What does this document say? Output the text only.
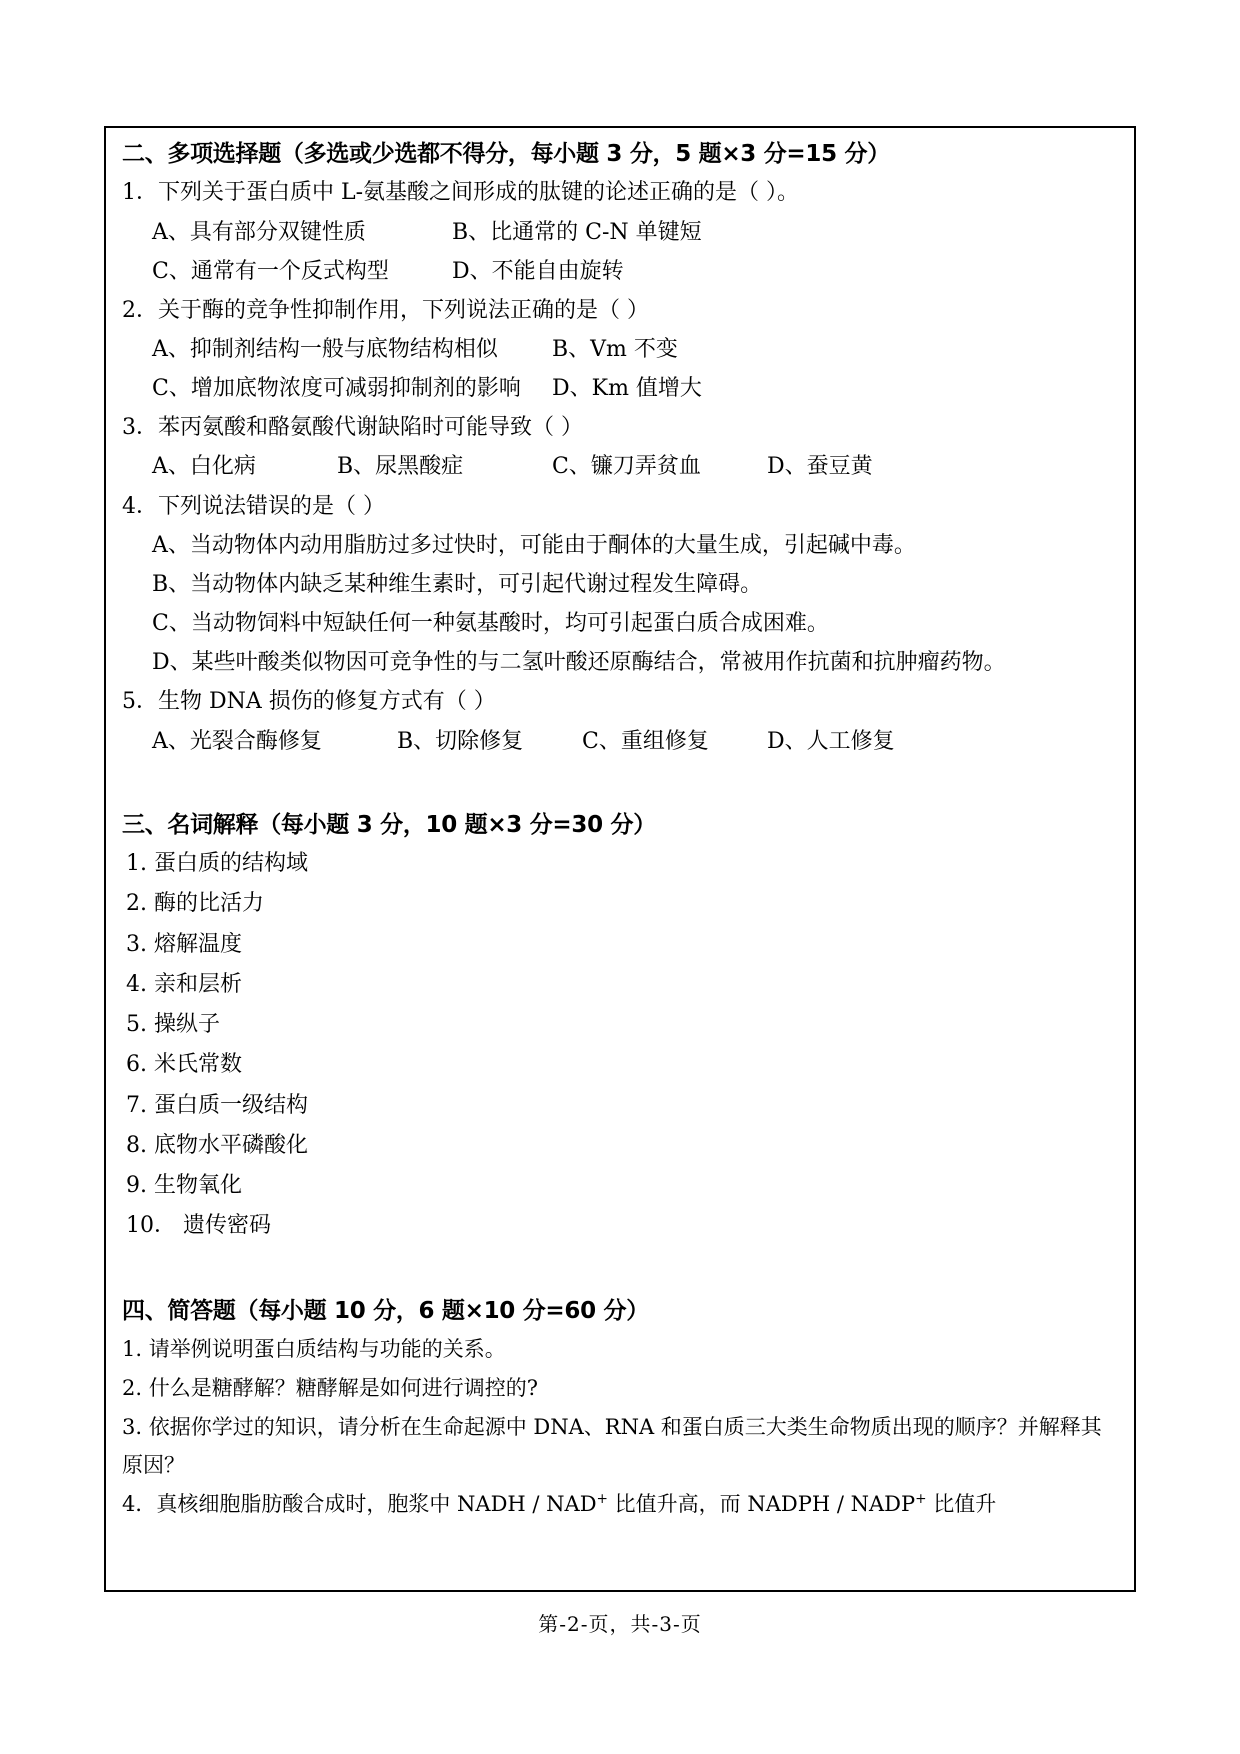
二、多项选择题（多选或少选都不得分，每小题 3 分，5 题×3 分=15 分）
1．下列关于蛋白质中 L-氨基酸之间形成的肽键的论述正确的是（ ）。
A、具有部分双键性质	B、比通常的 C-N 单键短
C、通常有一个反式构型	D、不能自由旋转
2．关于酶的竞争性抑制作用，下列说法正确的是（ ）
A、抑制剂结构一般与底物结构相似	B、Vm 不变
C、增加底物浓度可减弱抑制剂的影响	D、Km 值增大
3．苯丙氨酸和酪氨酸代谢缺陷时可能导致（ ）
A、白化病	B、尿黑酸症	C、镰刀弄贫血	D、蚕豆黄
4．下列说法错误的是（ ）
A、当动物体内动用脂肪过多过快时，可能由于酮体的大量生成，引起碱中毒。
B、当动物体内缺乏某种维生素时，可引起代谢过程发生障碍。
C、当动物饲料中短缺任何一种氨基酸时，均可引起蛋白质合成困难。
D、某些叶酸类似物因可竞争性的与二氢叶酸还原酶结合，常被用作抗菌和抗肿瘤药物。
5．生物 DNA 损伤的修复方式有（ ）
A、光裂合酶修复	B、切除修复	C、重组修复	D、人工修复
三、名词解释（每小题 3 分，10 题×3 分=30 分）
1. 蛋白质的结构域
2. 酶的比活力
3. 熔解温度
4. 亲和层析
5. 操纵子
6. 米氏常数
7. 蛋白质一级结构
8. 底物水平磷酸化
9. 生物氧化
10． 遗传密码
四、简答题（每小题 10 分，6 题×10 分=60 分）
1. 请举例说明蛋白质结构与功能的关系。
2. 什么是糖酵解？糖酵解是如何进行调控的?
3. 依据你学过的知识，请分析在生命起源中 DNA、RNA 和蛋白质三大类生命物质出现的顺序？并解释其原因？
4．真核细胞脂肪酸合成时，胞浆中 NADH / NAD+ 比值升高，而 NADPH / NADP+ 比值升
第-2-页，共-3-页
